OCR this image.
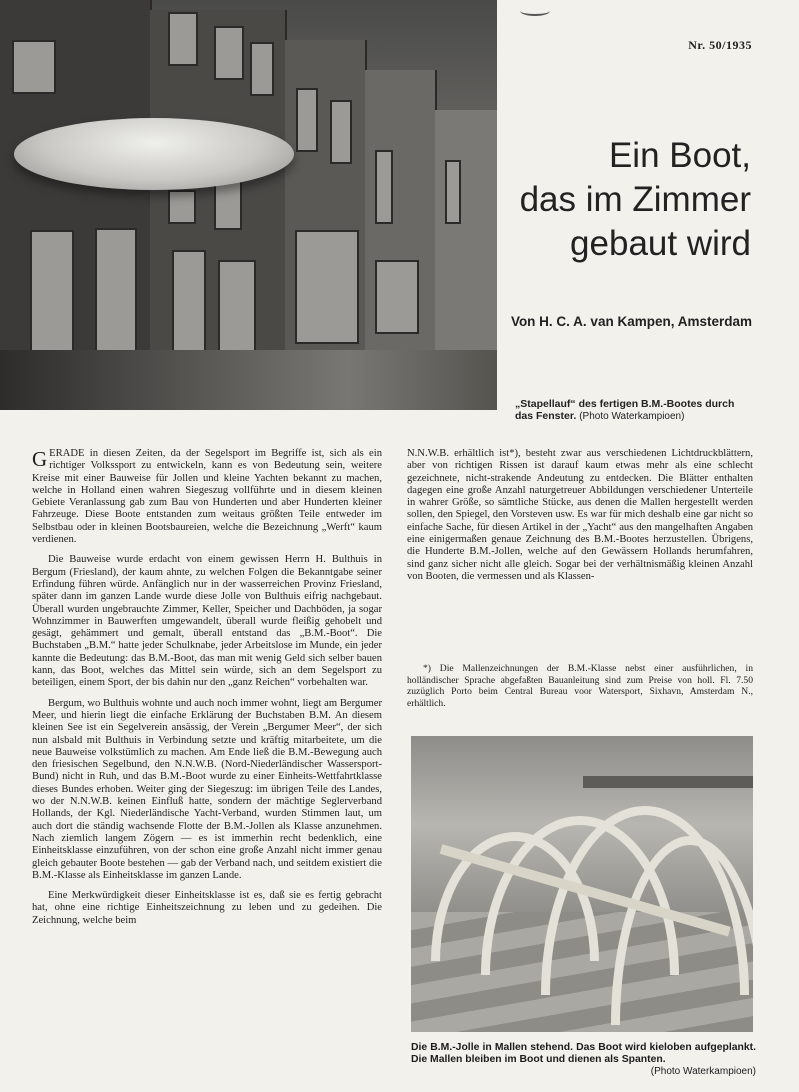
Nr. 50/1935
Ein Boot,
das im Zimmer
gebaut wird
Von H. C. A. van Kampen, Amsterdam
„Stapellauf“ des fertigen B.M.-Bootes durch das Fenster. (Photo Waterkampioen)

GERADE in diesen Zeiten, da der Segelsport im Begriffe ist, sich als ein richtiger Volkssport zu entwickeln, kann es von Bedeutung sein, weitere Kreise mit einer Bauweise für Jollen und kleine Yachten bekannt zu machen, welche in Holland einen wahren Siegeszug vollführte und in diesem kleinen Gebiete Veranlassung gab zum Bau von Hunderten und aber Hunderten kleiner Fahrzeuge. Diese Boote entstanden zum weitaus größten Teile entweder im Selbstbau oder in kleinen Bootsbaureien, welche die Bezeichnung „Werft“ kaum verdienen.

Die Bauweise wurde erdacht von einem gewissen Herrn H. Bulthuis in Bergum (Friesland), der kaum ahnte, zu welchen Folgen die Bekanntgabe seiner Erfindung führen würde. Anfänglich nur in der wasserreichen Provinz Friesland, später dann im ganzen Lande wurde diese Jolle von Bulthuis eifrig nachgebaut. Überall wurden ungebrauchte Zimmer, Keller, Speicher und Dachböden, ja sogar Wohnzimmer in Bauwerften umgewandelt, überall wurde fleißig gehobelt und gesägt, gehämmert und gemalt, überall entstand das „B.M.-Boot“. Die Buchstaben „B.M.“ hatte jeder Schulknabe, jeder Arbeitslose im Munde, ein jeder kannte die Bedeutung: das B.M.-Boot, das man mit wenig Geld sich selber bauen kann, das Boot, welches das Mittel sein würde, sich an dem Segelsport zu beteiligen, einem Sport, der bis dahin nur den „ganz Reichen“ vorbehalten war.

Bergum, wo Bulthuis wohnte und auch noch immer wohnt, liegt am Bergumer Meer, und hierin liegt die einfache Erklärung der Buchstaben B.M. An diesem kleinen See ist ein Segelverein ansässig, der Verein „Bergumer Meer“, der sich nun alsbald mit Bulthuis in Verbindung setzte und kräftig mitarbeitete, um die neue Bauweise volkstümlich zu machen. Am Ende ließ die B.M.-Bewegung auch den friesischen Segelbund, den N.N.W.B. (Nord-Niederländischer Wassersport-Bund) nicht in Ruh, und das B.M.-Boot wurde zu einer Einheits-Wettfahrtklasse dieses Bundes erhoben. Weiter ging der Siegeszug: im übrigen Teile des Landes, wo der N.N.W.B. keinen Einfluß hatte, sondern der mächtige Seglerverband Hollands, der Kgl. Niederländische Yacht-Verband, wurden Stimmen laut, um auch dort die ständig wachsende Flotte der B.M.-Jollen als Klasse anzunehmen. Nach ziemlich langem Zögern — es ist immerhin recht bedenklich, eine Einheitsklasse einzuführen, von der schon eine große Anzahl nicht immer genau gleich gebauter Boote bestehen — gab der Verband nach, und seitdem existiert die B.M.-Klasse als Einheitsklasse im ganzen Lande.

Eine Merkwürdigkeit dieser Einheitsklasse ist es, daß sie es fertig gebracht hat, ohne eine richtige Einheitszeichnung zu leben und zu gedeihen. Die Zeichnung, welche beim

N.N.W.B. erhältlich ist*), besteht zwar aus verschiedenen Lichtdruckblättern, aber von richtigen Rissen ist darauf kaum etwas mehr als eine schlecht gezeichnete, nicht-strakende Andeutung zu entdecken. Die Blätter enthalten dagegen eine große Anzahl naturgetreuer Abbildungen verschiedener Unterteile in wahrer Größe, so sämtliche Stücke, aus denen die Mallen hergestellt werden sollen, den Spiegel, den Vorsteven usw. Es war für mich deshalb eine gar nicht so einfache Sache, für diesen Artikel in der „Yacht“ aus den mangelhaften Angaben eine einigermaßen genaue Zeichnung des B.M.-Bootes herzustellen. Übrigens, die Hunderte B.M.-Jollen, welche auf den Gewässern Hollands herumfahren, sind ganz sicher nicht alle gleich. Sogar bei der verhältnismäßig kleinen Anzahl von Booten, die vermessen und als Klassen-

*) Die Mallenzeichnungen der B.M.-Klasse nebst einer ausführlichen, in holländischer Sprache abgefaßten Bauanleitung sind zum Preise von holl. Fl. 7.50 zuzüglich Porto beim Central Bureau voor Watersport, Sixhavn, Amsterdam N., erhältlich.

Die B.M.-Jolle in Mallen stehend. Das Boot wird kieloben aufgeplankt. Die Mallen bleiben im Boot und dienen als Spanten.
(Photo Waterkampioen)
